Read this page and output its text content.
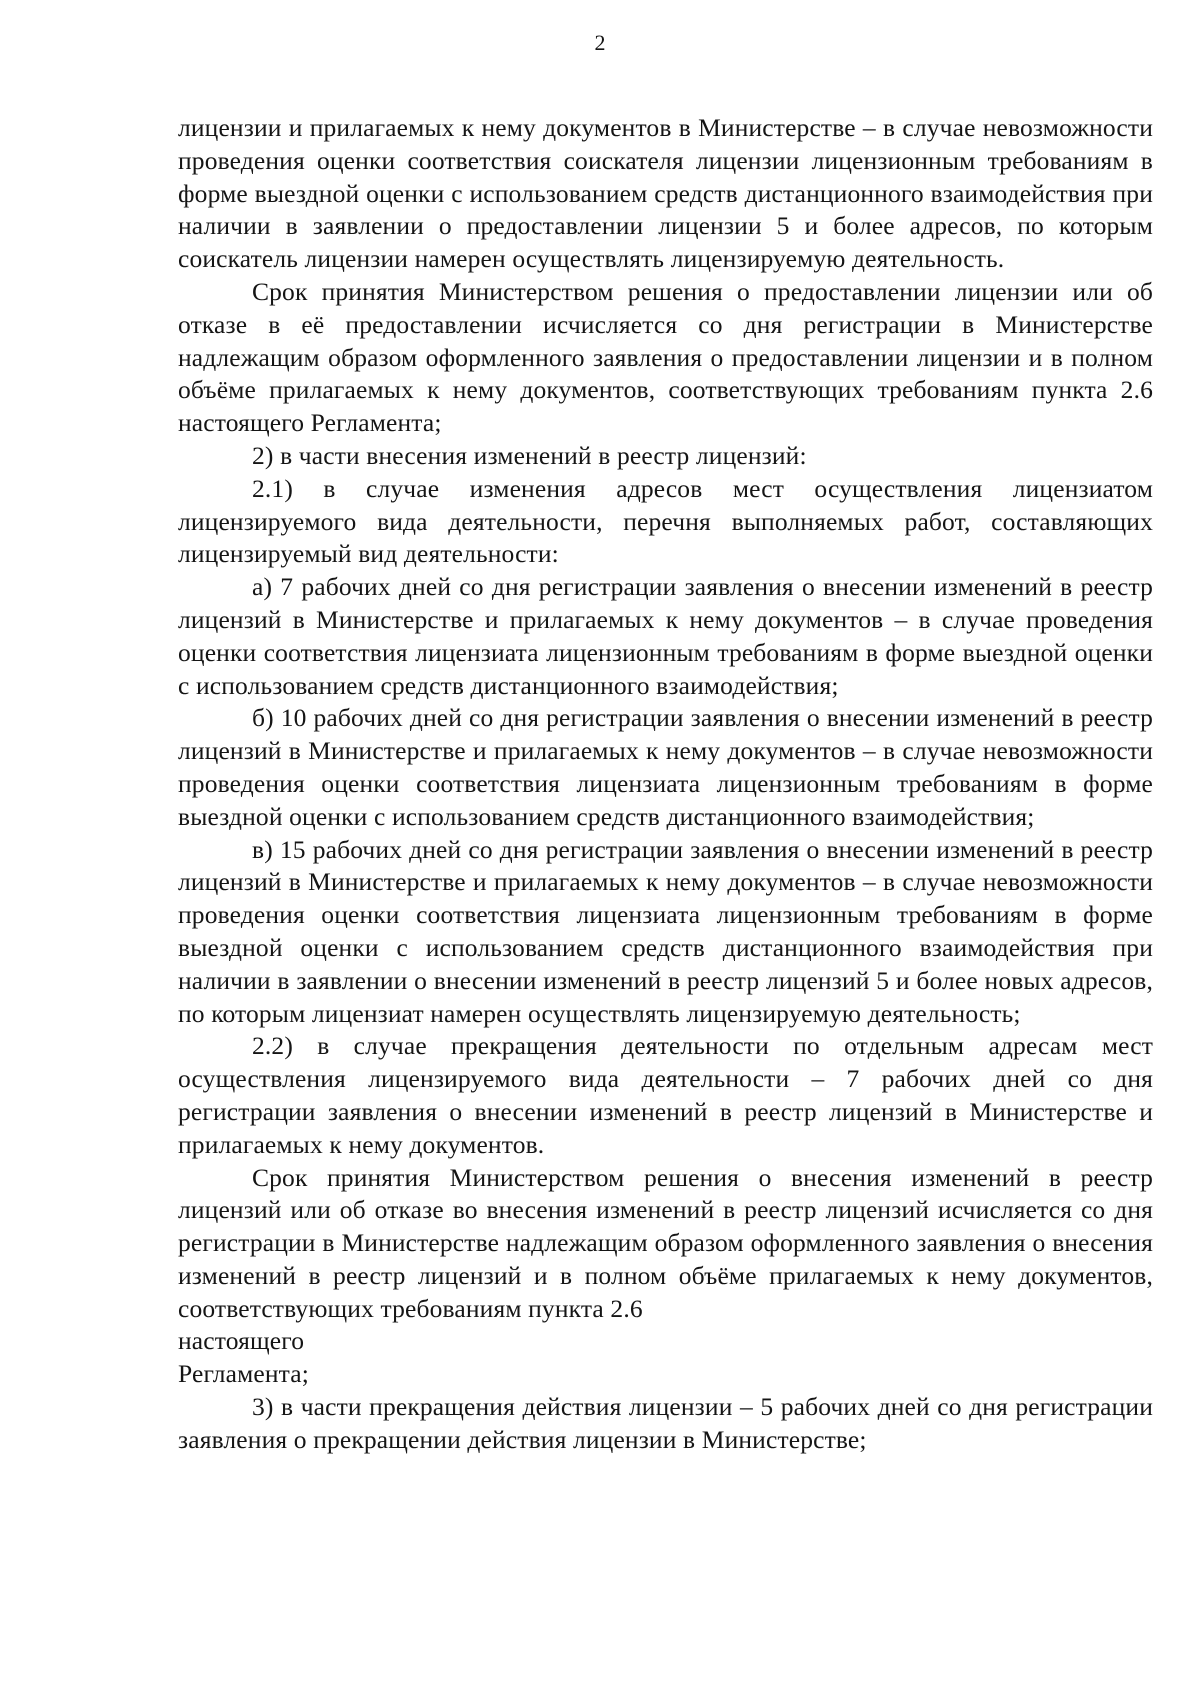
2

лицензии и прилагаемых к нему документов в Министерстве – в случае невозможности проведения оценки соответствия соискателя лицензии лицензионным требованиям в форме выездной оценки с использованием средств дистанционного взаимодействия при наличии в заявлении о предоставлении лицензии 5 и более адресов, по которым соискатель лицензии намерен осуществлять лицензируемую деятельность.

Срок принятия Министерством решения о предоставлении лицензии или об отказе в её предоставлении исчисляется со дня регистрации в Министерстве надлежащим образом оформленного заявления о предоставлении лицензии и в полном объёме прилагаемых к нему документов, соответствующих требованиям пункта 2.6 настоящего Регламента;

2) в части внесения изменений в реестр лицензий:

2.1) в случае изменения адресов мест осуществления лицензиатом лицензируемого вида деятельности, перечня выполняемых работ, составляющих лицензируемый вид деятельности:

а) 7 рабочих дней со дня регистрации заявления о внесении изменений в реестр лицензий в Министерстве и прилагаемых к нему документов – в случае проведения оценки соответствия лицензиата лицензионным требованиям в форме выездной оценки с использованием средств дистанционного взаимодействия;

б) 10 рабочих дней со дня регистрации заявления о внесении изменений в реестр лицензий в Министерстве и прилагаемых к нему документов – в случае невозможности проведения оценки соответствия лицензиата лицензионным требованиям в форме выездной оценки с использованием средств дистанционного взаимодействия;

в) 15 рабочих дней со дня регистрации заявления о внесении изменений в реестр лицензий в Министерстве и прилагаемых к нему документов – в случае невозможности проведения оценки соответствия лицензиата лицензионным требованиям в форме выездной оценки с использованием средств дистанционного взаимодействия при наличии в заявлении о внесении изменений в реестр лицензий 5 и более новых адресов, по которым лицензиат намерен осуществлять лицензируемую деятельность;

2.2) в случае прекращения деятельности по отдельным адресам мест осуществления лицензируемого вида деятельности – 7 рабочих дней со дня регистрации заявления о внесении изменений в реестр лицензий в Министерстве и прилагаемых к нему документов.

Срок принятия Министерством решения о внесения изменений в реестр лицензий или об отказе во внесения изменений в реестр лицензий исчисляется со дня регистрации в Министерстве надлежащим образом оформленного заявления о внесения изменений в реестр лицензий и в полном объёме прилагаемых к нему документов, соответствующих требованиям пункта 2.6

настоящего

Регламента;

3) в части прекращения действия лицензии – 5 рабочих дней со дня регистрации заявления о прекращении действия лицензии в Министерстве;
